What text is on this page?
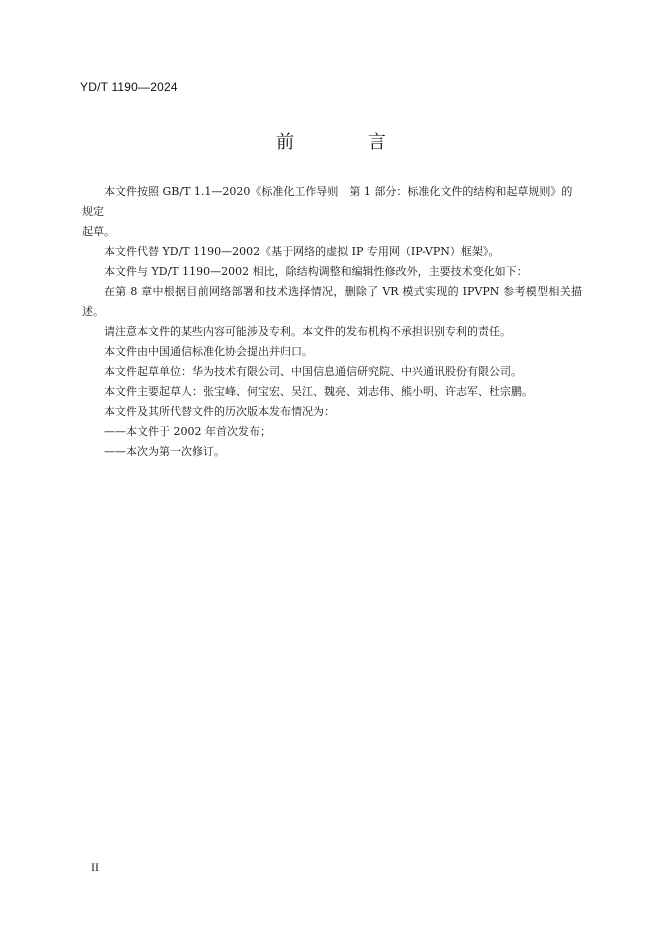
YD/T 1190—2024
前 言

本文件按照 GB/T 1.1—2020《标准化工作导则　第 1 部分：标准化文件的结构和起草规则》的规定

起草。

本文件代替 YD/T 1190—2002《基于网络的虚拟 IP 专用网（IP-VPN）框架》。

本文件与 YD/T 1190—2002 相比，除结构调整和编辑性修改外，主要技术变化如下：

在第 8 章中根据目前网络部署和技术选择情况，删除了 VR 模式实现的 IPVPN 参考模型相关描述。

请注意本文件的某些内容可能涉及专利。本文件的发布机构不承担识别专利的责任。

本文件由中国通信标准化协会提出并归口。

本文件起草单位：华为技术有限公司、中国信息通信研究院、中兴通讯股份有限公司。

本文件主要起草人：张宝峰、何宝宏、吴江、魏亮、刘志伟、熊小明、许志军、杜宗鹏。

本文件及其所代替文件的历次版本发布情况为：

——本文件于 2002 年首次发布；

——本次为第一次修订。

II
